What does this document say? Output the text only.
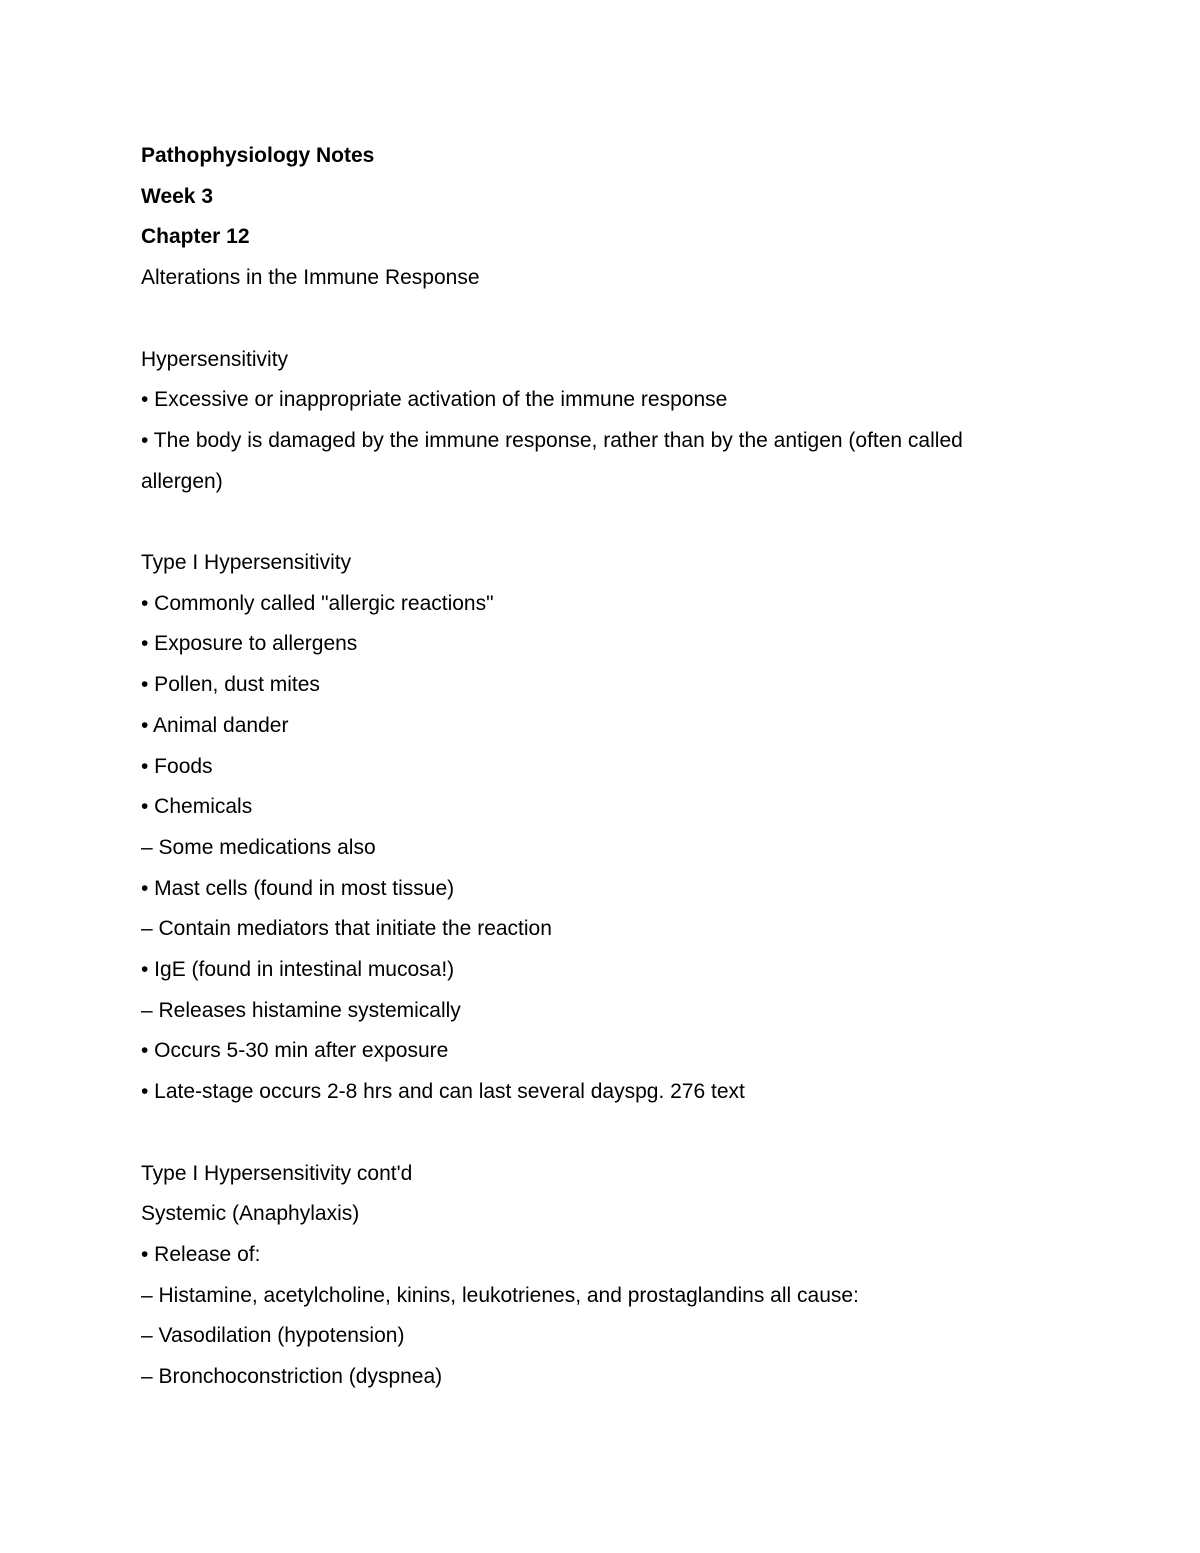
Pathophysiology Notes

Week 3

Chapter 12

Alterations in the Immune Response

Hypersensitivity

• Excessive or inappropriate activation of the immune response

• The body is damaged by the immune response, rather than by the antigen (often called allergen)

Type I Hypersensitivity

• Commonly called "allergic reactions"

• Exposure to allergens

• Pollen, dust mites

• Animal dander

• Foods

• Chemicals

– Some medications also

• Mast cells (found in most tissue)

– Contain mediators that initiate the reaction

• IgE (found in intestinal mucosa!)

– Releases histamine systemically

• Occurs 5-30 min after exposure

• Late-stage occurs 2-8 hrs and can last several dayspg. 276 text

Type I Hypersensitivity cont'd

Systemic (Anaphylaxis)

• Release of:

– Histamine, acetylcholine, kinins, leukotrienes, and prostaglandins all cause:

– Vasodilation (hypotension)

– Bronchoconstriction (dyspnea)
